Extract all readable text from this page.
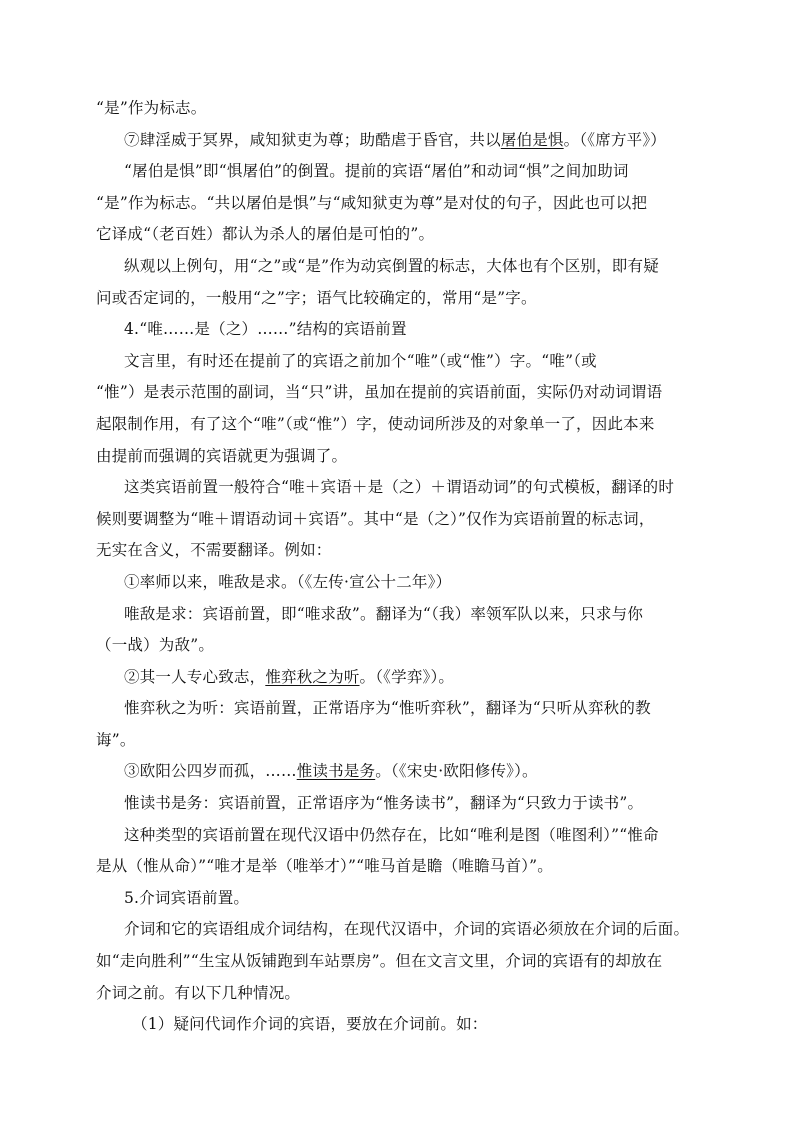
“是”作为标志。
⑦肆淫威于冥界，咸知狱吏为尊；助酷虐于昏官，共以屠伯是惧。（《席方平》）
“屠伯是惧”即“惧屠伯”的倒置。提前的宾语“屠伯”和动词“惧”之间加助词
“是”作为标志。“共以屠伯是惧”与“咸知狱吏为尊”是对仗的句子，因此也可以把
它译成“（老百姓）都认为杀人的屠伯是可怕的”。
纵观以上例句，用“之”或“是”作为动宾倒置的标志，大体也有个区别，即有疑
问或否定词的，一般用“之”字；语气比较确定的，常用“是”字。
4.“唯……是（之）……”结构的宾语前置
文言里，有时还在提前了的宾语之前加个“唯”（或“惟”）字。“唯”（或
“惟”）是表示范围的副词，当“只”讲，虽加在提前的宾语前面，实际仍对动词谓语
起限制作用，有了这个“唯”（或“惟”）字，使动词所涉及的对象单一了，因此本来
由提前而强调的宾语就更为强调了。
这类宾语前置一般符合“唯＋宾语＋是（之）＋谓语动词”的句式模板，翻译的时
候则要调整为“唯＋谓语动词＋宾语”。其中“是（之）”仅作为宾语前置的标志词，
无实在含义，不需要翻译。例如：
①率师以来，唯敌是求。（《左传·宣公十二年》）
唯敌是求：宾语前置，即“唯求敌”。翻译为“（我）率领军队以来，只求与你
（一战）为敌”。
②其一人专心致志，惟弈秋之为听。（《学弈》）。
惟弈秋之为听：宾语前置，正常语序为“惟听弈秋”，翻译为“只听从弈秋的教
诲”。
③欧阳公四岁而孤，……惟读书是务。（《宋史·欧阳修传》）。
惟读书是务：宾语前置，正常语序为“惟务读书”，翻译为“只致力于读书”。
这种类型的宾语前置在现代汉语中仍然存在，比如“唯利是图（唯图利）”“惟命
是从（惟从命）”“唯才是举（唯举才）”“唯马首是瞻（唯瞻马首）”。
5.介词宾语前置。
介词和它的宾语组成介词结构，在现代汉语中，介词的宾语必须放在介词的后面。
如“走向胜利”“生宝从饭铺跑到车站票房”。但在文言文里，介词的宾语有的却放在
介词之前。有以下几种情况。
（1）疑问代词作介词的宾语，要放在介词前。如：
